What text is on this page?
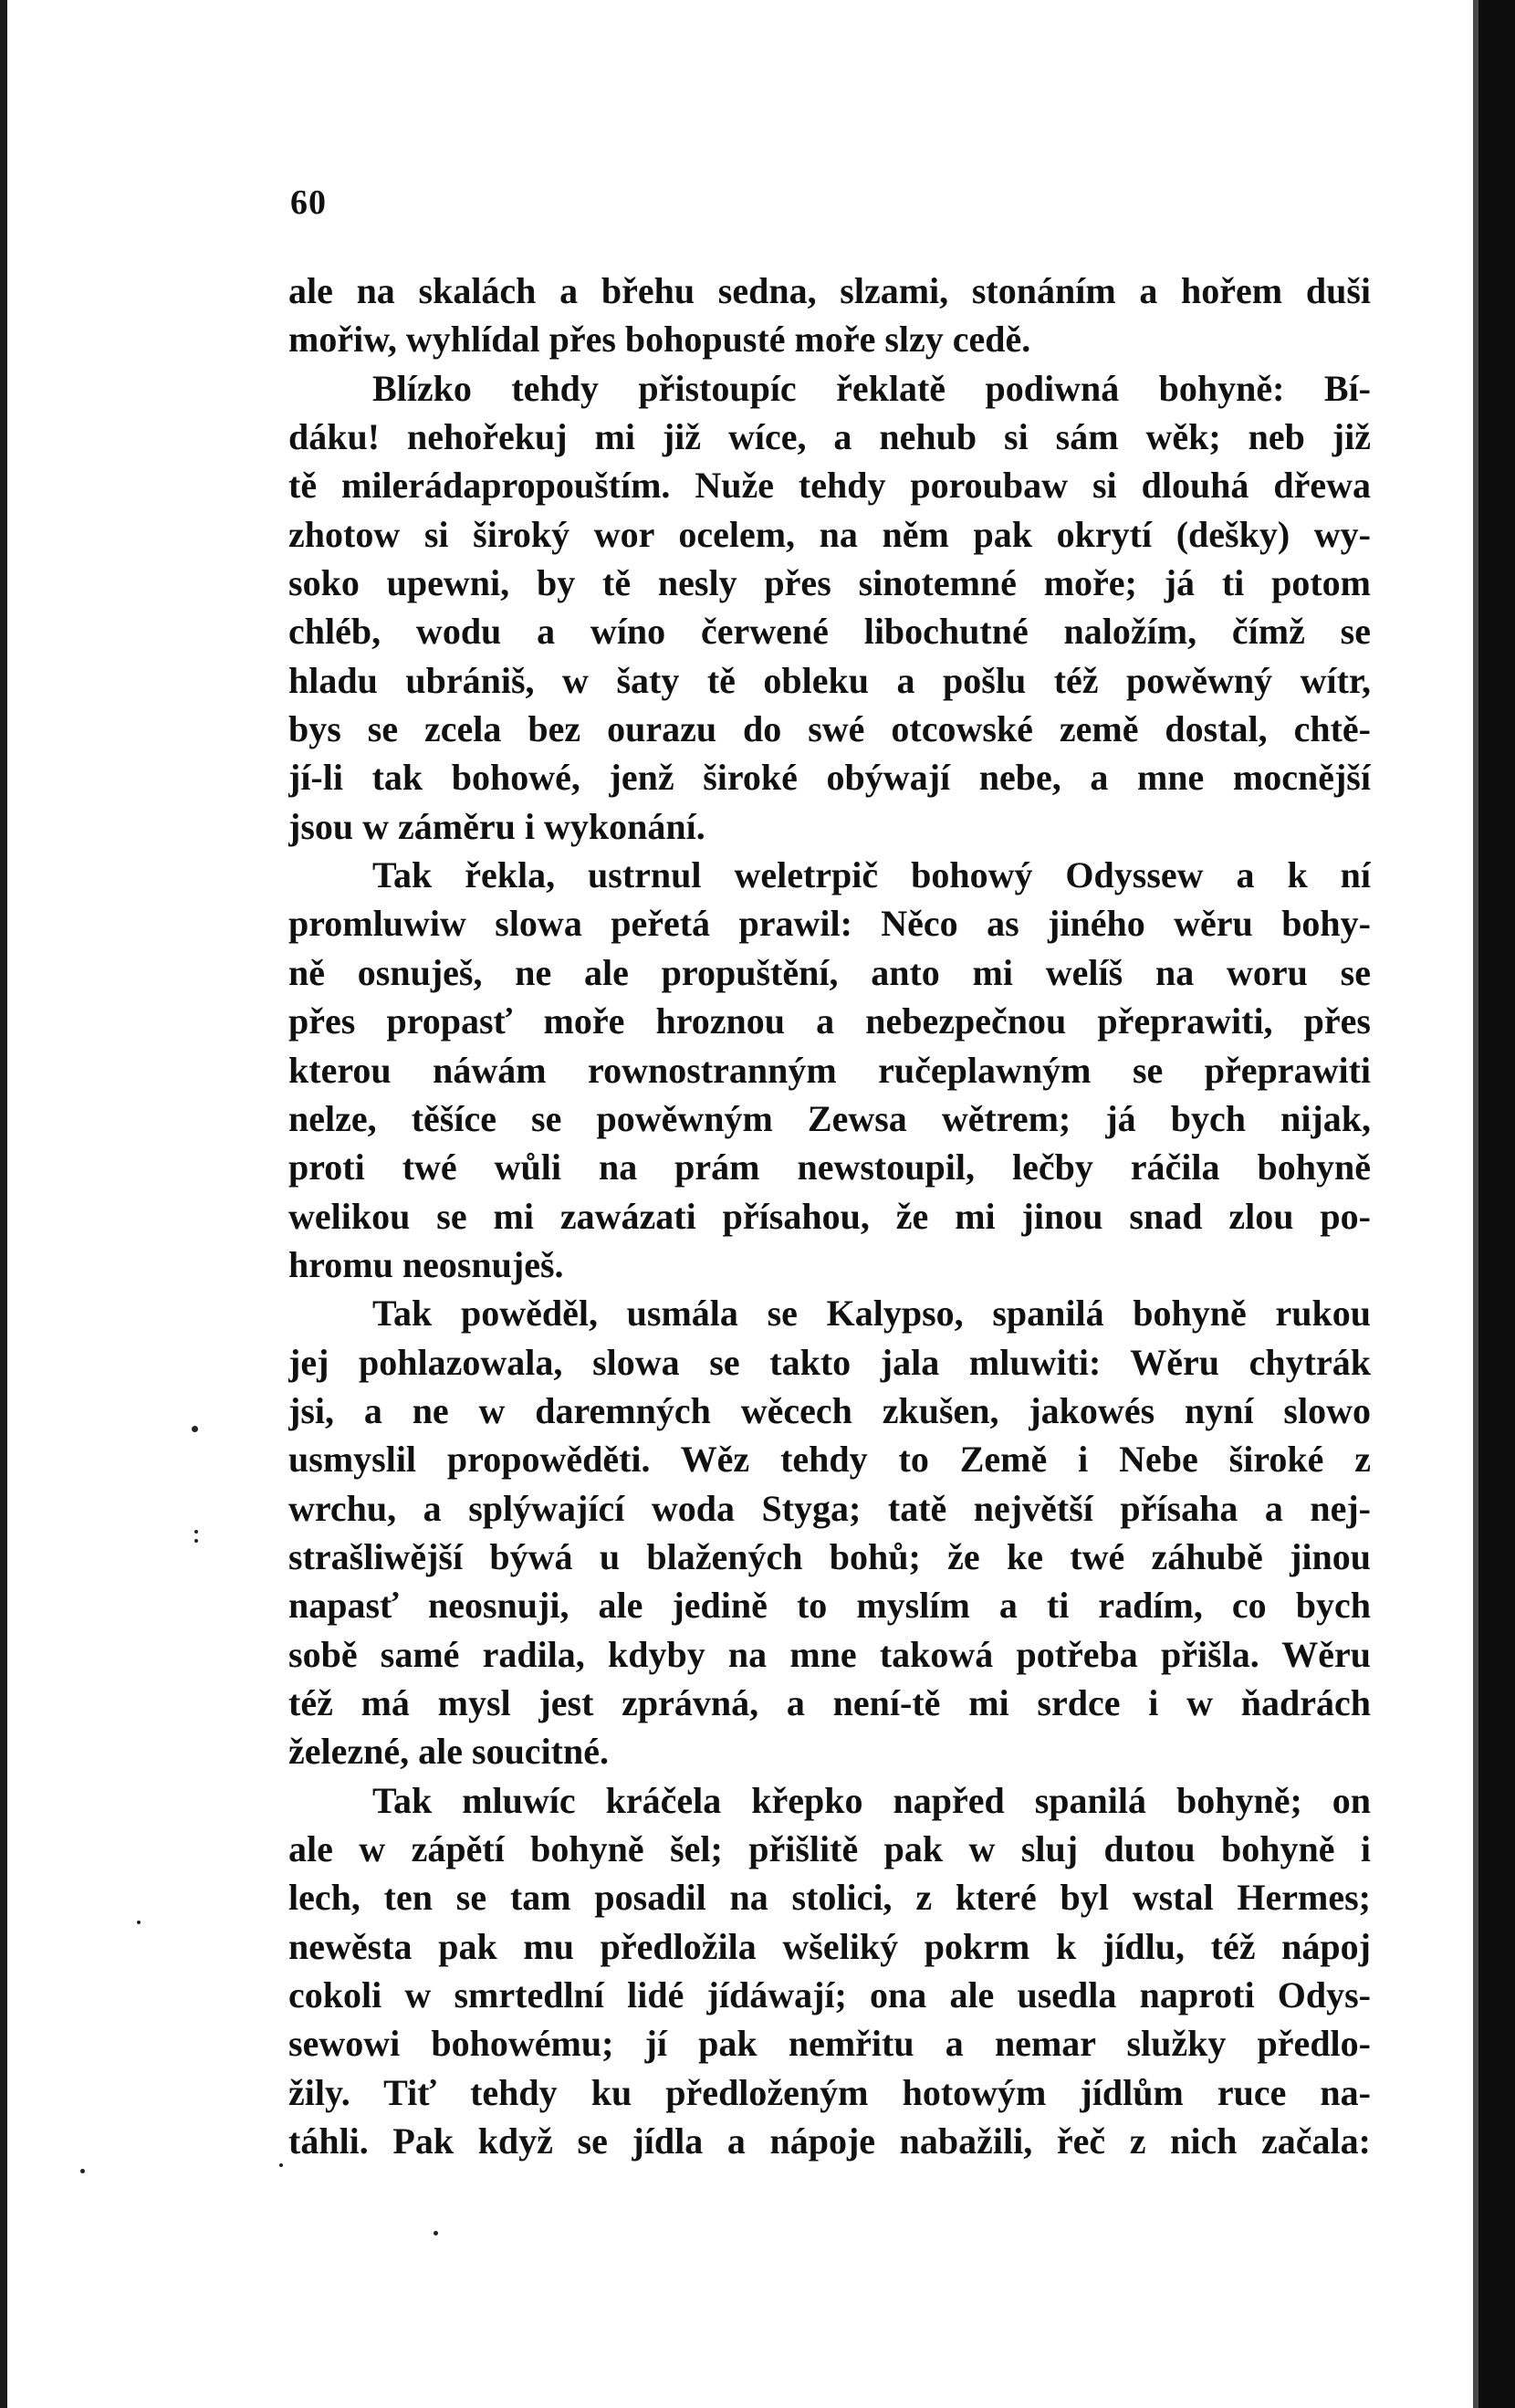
60
ale na skalách a břehu sedna, slzami, stonáním a hořem duši
mořiw, wyhlídal přes bohopusté moře slzy cedě.
Blízko tehdy přistoupíc řeklatě podiwná bohyně: Bí-
dáku! nehořekuj mi již wíce, a nehub si sám wěk; neb již
tě milerádapropouštím. Nuže tehdy poroubaw si dlouhá dřewa
zhotow si široký wor ocelem, na něm pak okrytí (dešky) wy-
soko upewni, by tě nesly přes sinotemné moře; já ti potom
chléb, wodu a wíno čerwené libochutné naložím, čímž se
hladu ubrániš, w šaty tě obleku a pošlu též powěwný wítr,
bys se zcela bez ourazu do swé otcowské země dostal, chtě-
jí-li tak bohowé, jenž široké obýwají nebe, a mne mocnější
jsou w záměru i wykonání.
Tak řekla, ustrnul weletrpič bohowý Odyssew a k ní
promluwiw slowa peřetá prawil: Něco as jiného wěru bohy-
ně osnuješ, ne ale propuštění, anto mi welíš na woru se
přes propasť moře hroznou a nebezpečnou přeprawiti, přes
kterou náwám rownostranným ručeplawným se přeprawiti
nelze, těšíce se powěwným Zewsa wětrem; já bych nijak,
proti twé wůli na prám newstoupil, lečby ráčila bohyně
welikou se mi zawázati přísahou, že mi jinou snad zlou po-
hromu neosnuješ.
Tak powěděl, usmála se Kalypso, spanilá bohyně rukou
jej pohlazowala, slowa se takto jala mluwiti: Wěru chytrák
jsi, a ne w daremných wěcech zkušen, jakowés nyní slowo
usmyslil propowěděti. Wěz tehdy to Země i Nebe široké z
wrchu, a splýwající woda Styga; tatě největší přísaha a nej-
strašliwější býwá u blažených bohů; že ke twé záhubě jinou
napasť neosnuji, ale jedině to myslím a ti radím, co bych
sobě samé radila, kdyby na mne takowá potřeba přišla. Wěru
též má mysl jest zprávná, a není-tě mi srdce i w ňadrách
železné, ale soucitné.
Tak mluwíc kráčela křepko napřed spanilá bohyně; on
ale w zápětí bohyně šel; přišlitě pak w sluj dutou bohyně i
lech, ten se tam posadil na stolici, z které byl wstal Hermes;
newěsta pak mu předložila wšeliký pokrm k jídlu, též nápoj
cokoli w smrtedlní lidé jídáwají; ona ale usedla naproti Odys-
sewowi bohowému; jí pak nemřitu a nemar služky předlo-
žily. Tiť tehdy ku předloženým hotowým jídlům ruce na-
táhli. Pak když se jídla a nápoje nabažili, řeč z nich začala:
